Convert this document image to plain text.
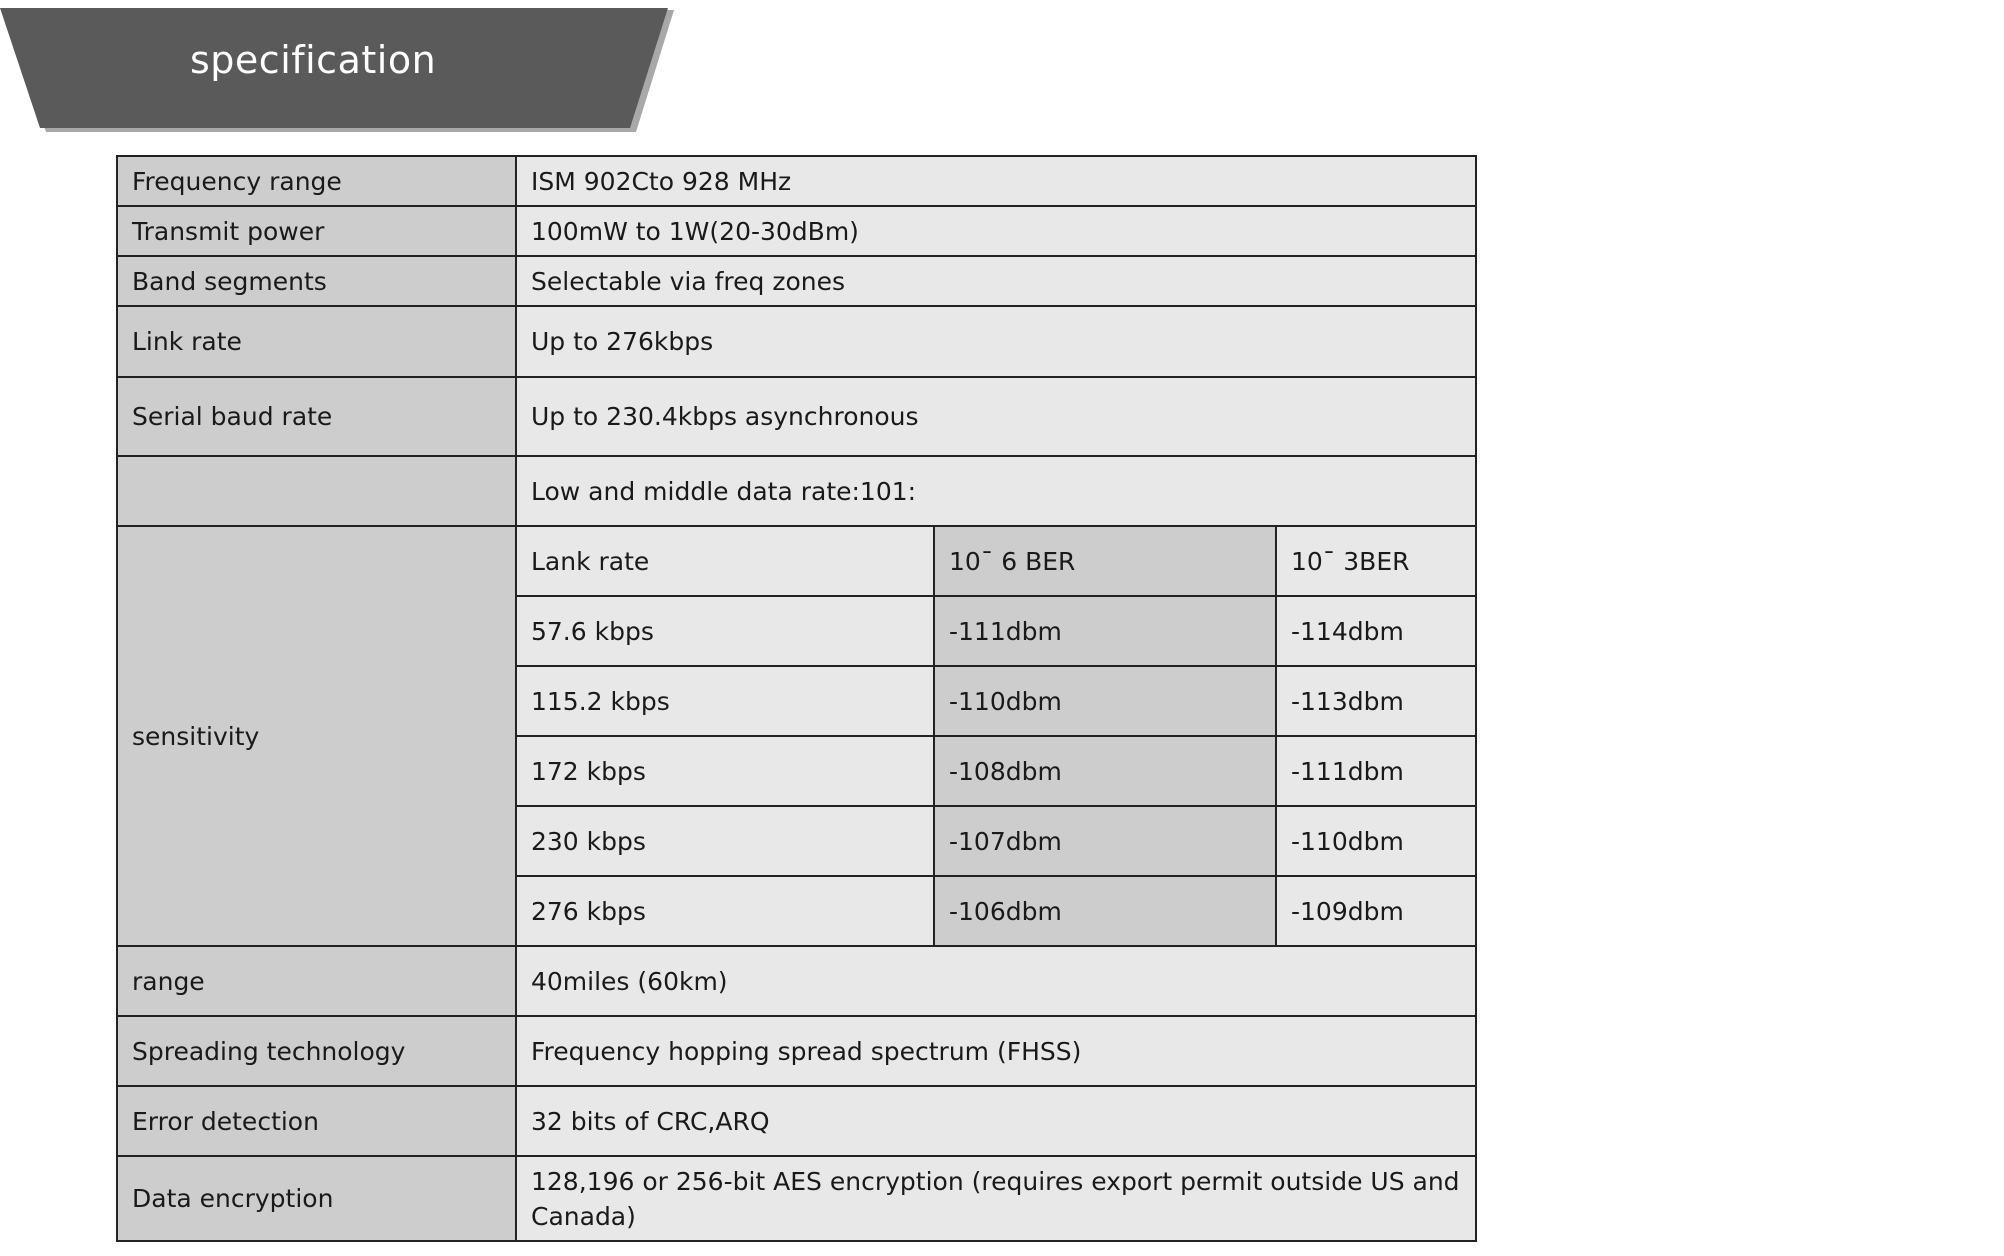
specification
Frequency range	ISM 902Cto 928 MHz		
Transmit power	100mW to 1W(20-30dBm)		
Band segments	Selectable via freq zones		
Link rate	Up to 276kbps		
Serial baud rate	Up to 230.4kbps asynchronous		
	Low and middle data rate:101:		
sensitivity	Lank rate	10¯ 6 BER	10¯ 3BER
	57.6 kbps	-111dbm	-114dbm
	115.2 kbps	-110dbm	-113dbm
	172 kbps	-108dbm	-111dbm
	230 kbps	-107dbm	-110dbm
	276 kbps	-106dbm	-109dbm
range	40miles (60km)		
Spreading technology	Frequency hopping spread spectrum (FHSS)		
Error detection	32 bits of CRC,ARQ		
Data encryption	128,196 or 256-bit AES encryption (requires export permit outside US and Canada)		
